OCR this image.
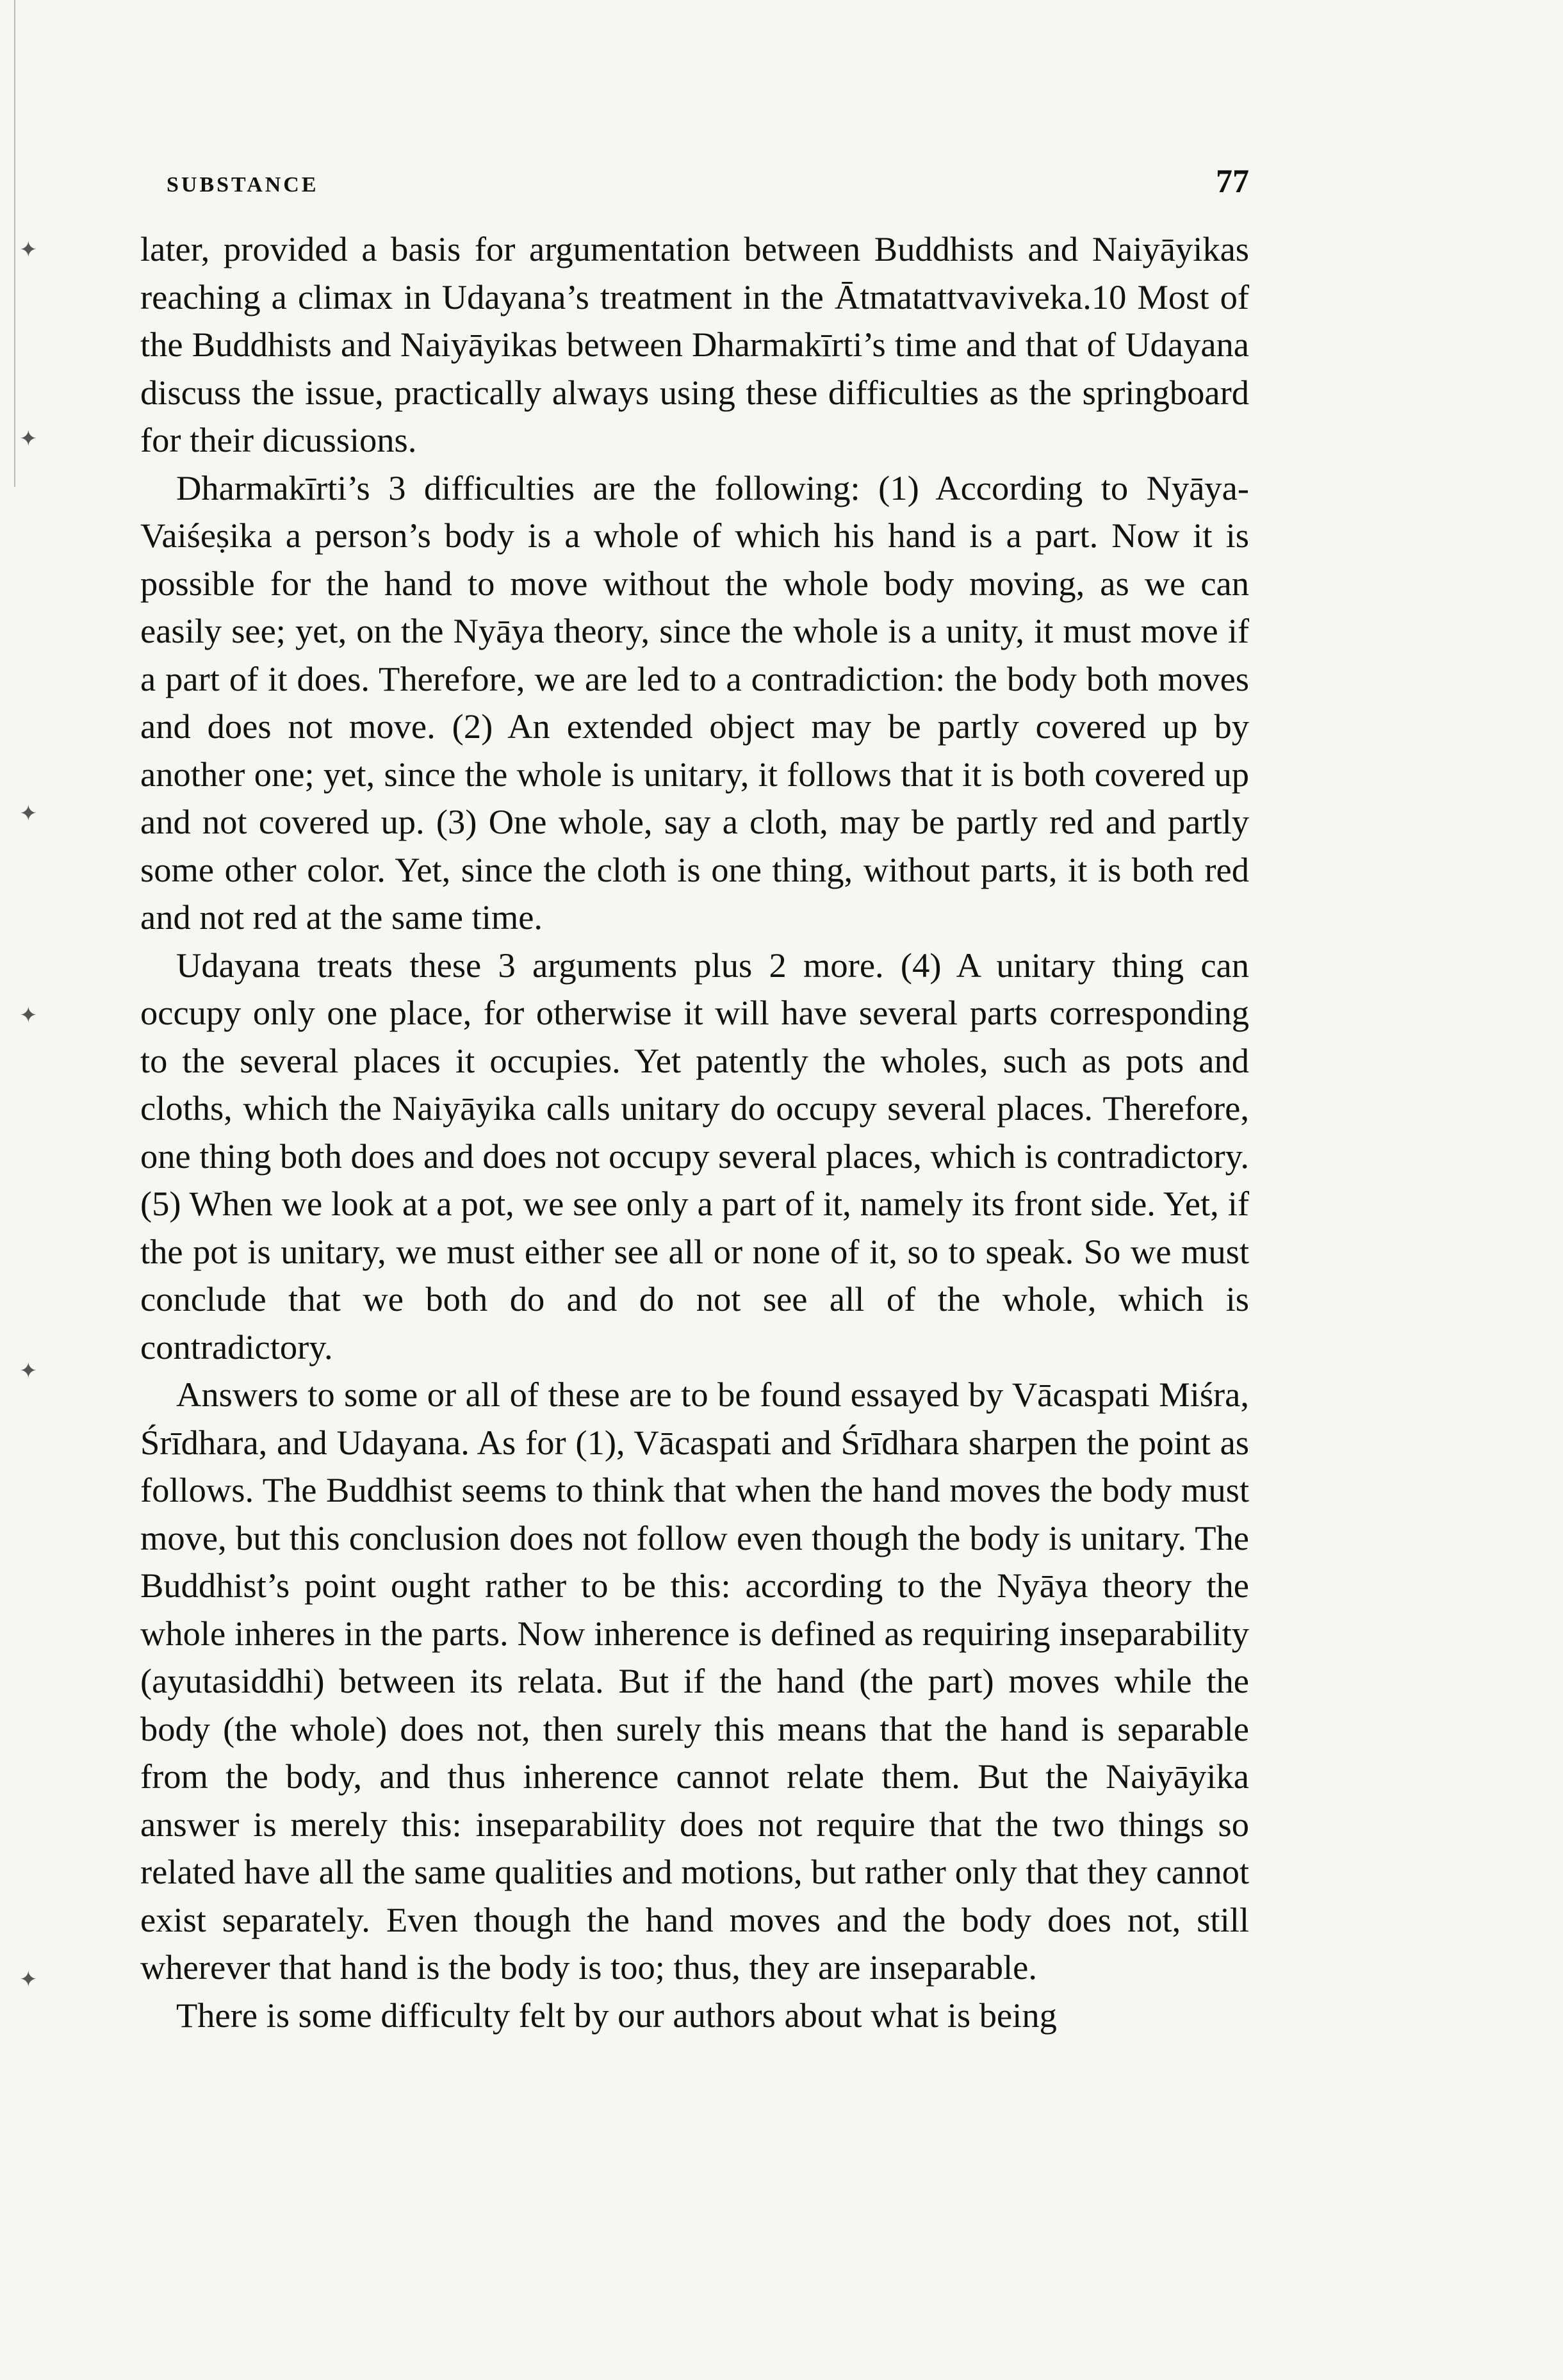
✦
✦
✦
✦
✦
✦
SUBSTANCE	77

later, provided a basis for argumentation between Buddhists and Naiyāyikas reaching a climax in Udayana’s treatment in the Ātmatattvaviveka.10 Most of the Buddhists and Naiyāyikas between Dharmakīrti’s time and that of Udayana discuss the issue, practically always using these difficulties as the springboard for their dicussions.

Dharmakīrti’s 3 difficulties are the following: (1) According to Nyāya-Vaiśeṣika a person’s body is a whole of which his hand is a part. Now it is possible for the hand to move without the whole body moving, as we can easily see; yet, on the Nyāya theory, since the whole is a unity, it must move if a part of it does. Therefore, we are led to a contradiction: the body both moves and does not move. (2) An extended object may be partly covered up by another one; yet, since the whole is unitary, it follows that it is both covered up and not covered up. (3) One whole, say a cloth, may be partly red and partly some other color. Yet, since the cloth is one thing, without parts, it is both red and not red at the same time.

Udayana treats these 3 arguments plus 2 more. (4) A unitary thing can occupy only one place, for otherwise it will have several parts corresponding to the several places it occupies. Yet patently the wholes, such as pots and cloths, which the Naiyāyika calls unitary do occupy several places. Therefore, one thing both does and does not occupy several places, which is contradictory. (5) When we look at a pot, we see only a part of it, namely its front side. Yet, if the pot is unitary, we must either see all or none of it, so to speak. So we must conclude that we both do and do not see all of the whole, which is contradictory.

Answers to some or all of these are to be found essayed by Vācaspati Miśra, Śrīdhara, and Udayana. As for (1), Vācaspati and Śrīdhara sharpen the point as follows. The Buddhist seems to think that when the hand moves the body must move, but this conclusion does not follow even though the body is unitary. The Buddhist’s point ought rather to be this: according to the Nyāya theory the whole inheres in the parts. Now inherence is defined as requiring inseparability (ayutasiddhi) between its relata. But if the hand (the part) moves while the body (the whole) does not, then surely this means that the hand is separable from the body, and thus inherence cannot relate them. But the Naiyāyika answer is merely this: inseparability does not require that the two things so related have all the same qualities and motions, but rather only that they cannot exist separately. Even though the hand moves and the body does not, still wherever that hand is the body is too; thus, they are inseparable.

There is some difficulty felt by our authors about what is being
